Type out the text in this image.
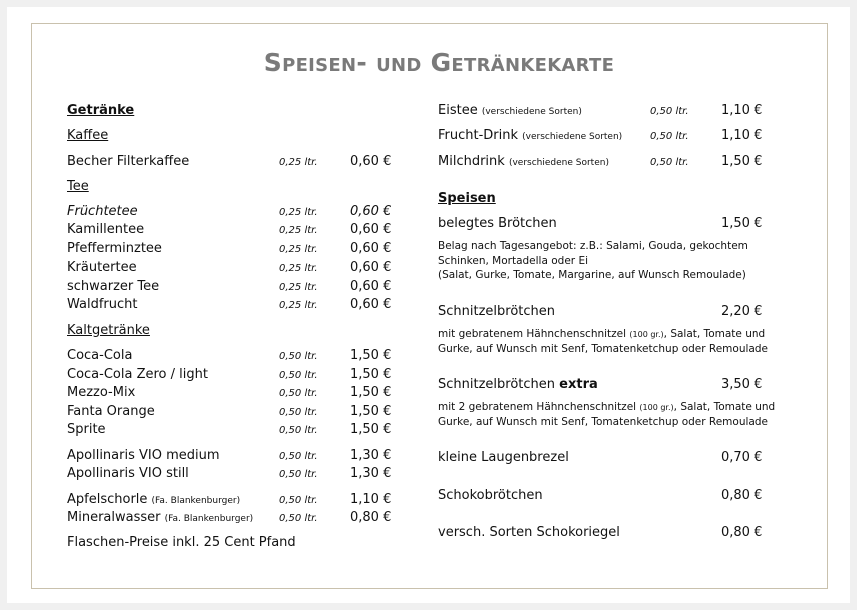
Speisen- und Getränkekarte
Getränke
Kaffee
Becher Filterkaffee	0,25 ltr. 0,60 €
Tee
Früchtetee	0,25 ltr. 0,60 €
Kamillentee	0,25 ltr. 0,60 €
Pfefferminztee	0,25 ltr. 0,60 €
Kräutertee	0,25 ltr. 0,60 €
schwarzer Tee	0,25 ltr. 0,60 €
Waldfrucht	0,25 ltr. 0,60 €
Kaltgetränke
Coca-Cola	0,50 ltr. 1,50 €
Coca-Cola Zero / light	0,50 ltr. 1,50 €
Mezzo-Mix	0,50 ltr. 1,50 €
Fanta Orange	0,50 ltr. 1,50 €
Sprite	0,50 ltr. 1,50 €
Apollinaris VIO medium	0,50 ltr. 1,30 €
Apollinaris VIO still	0,50 ltr. 1,30 €
Apfelschorle (Fa. Blankenburger)	0,50 ltr. 1,10 €
Mineralwasser (Fa. Blankenburger)	0,50 ltr. 0,80 €
Flaschen-Preise inkl. 25 Cent Pfand
Eistee (verschiedene Sorten)	0,50 ltr. 1,10 €
Frucht-Drink (verschiedene Sorten)	0,50 ltr. 1,10 €
Milchdrink (verschiedene Sorten)	0,50 ltr. 1,50 €
Speisen
belegtes Brötchen	1,50 €
Belag nach Tagesangebot: z.B.: Salami, Gouda, gekochtem Schinken, Mortadella oder Ei
(Salat, Gurke, Tomate, Margarine, auf Wunsch Remoulade)
Schnitzelbrötchen	2,20 €
mit gebratenem Hähnchenschnitzel (100 gr.), Salat, Tomate und Gurke, auf Wunsch mit Senf, Tomatenketchup oder Remoulade
Schnitzelbrötchen extra	3,50 €
mit 2 gebratenem Hähnchenschnitzel (100 gr.), Salat, Tomate und Gurke, auf Wunsch mit Senf, Tomatenketchup oder Remoulade
kleine Laugenbrezel	0,70 €
Schokobrötchen	0,80 €
versch. Sorten Schokoriegel	0,80 €
